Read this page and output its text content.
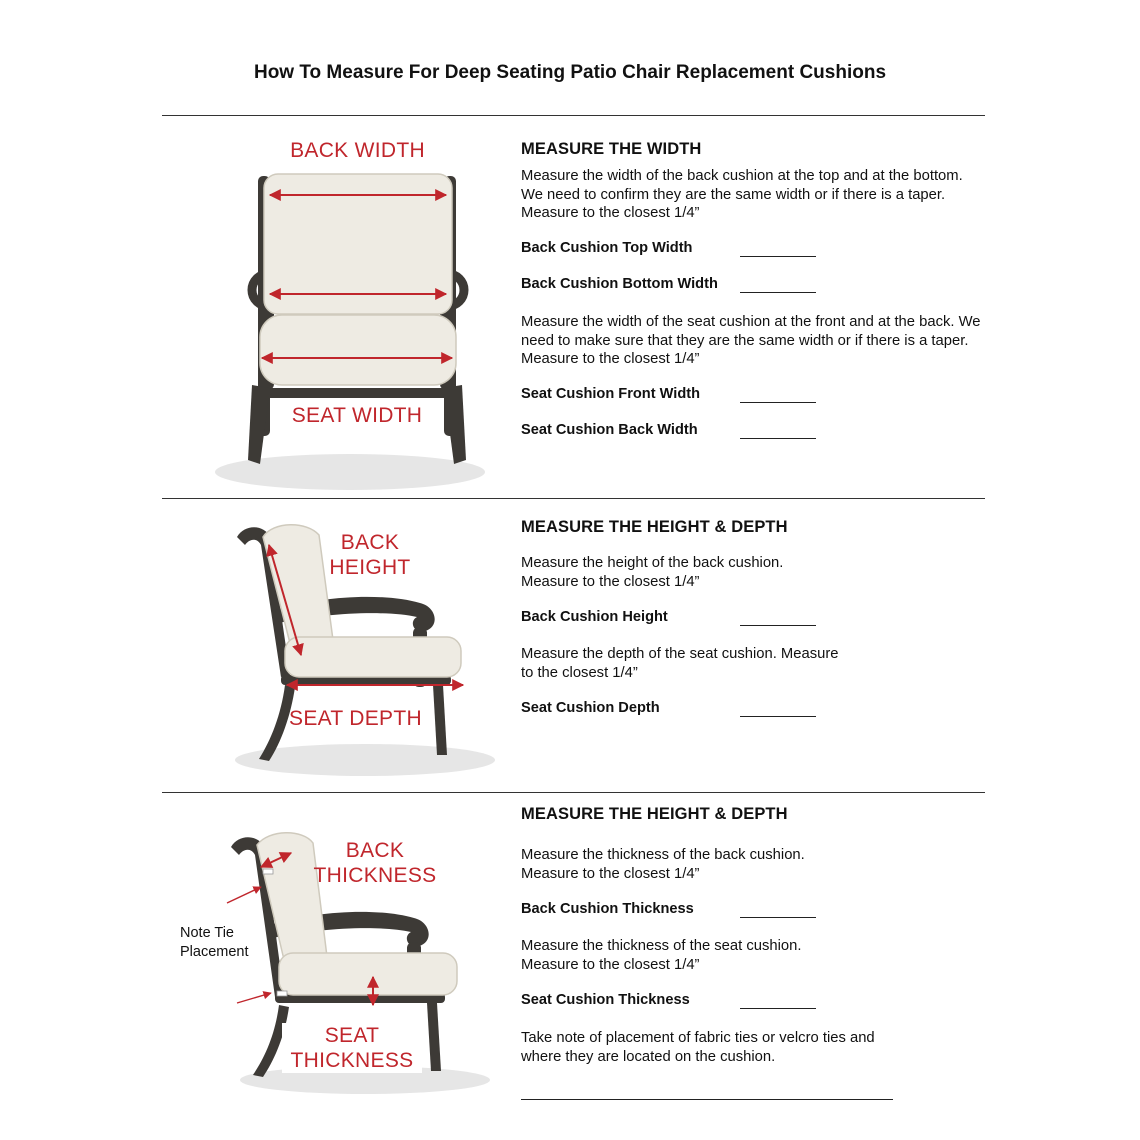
How To Measure For Deep Seating Patio Chair Replacement Cushions
BACK WIDTH
SEAT WIDTH
MEASURE THE WIDTH
Measure the width of the back cushion at the top and at the bottom. We need to confirm they are the same width or if there is a taper. Measure to the closest 1/4”
Back Cushion Top Width
Back Cushion Bottom Width
Measure the width of the seat cushion at the front and at the back. We need to make sure that they are the same width or if there is a taper. Measure to the closest 1/4”
Seat Cushion Front Width
Seat Cushion Back Width
BACK
HEIGHT
SEAT DEPTH
MEASURE THE HEIGHT & DEPTH
Measure the height of the back cushion. Measure to the closest 1/4”
Back Cushion Height
Measure the depth of the seat cushion. Measure to the closest 1/4”
Seat Cushion Depth
BACK
THICKNESS
SEAT
THICKNESS
Note Tie
Placement
MEASURE THE HEIGHT & DEPTH
Measure the thickness of the back cushion. Measure to the closest 1/4”
Back Cushion Thickness
Measure the thickness of the seat cushion. Measure to the closest 1/4”
Seat Cushion Thickness
Take note of placement of fabric ties or velcro ties and where they are located on the cushion.
